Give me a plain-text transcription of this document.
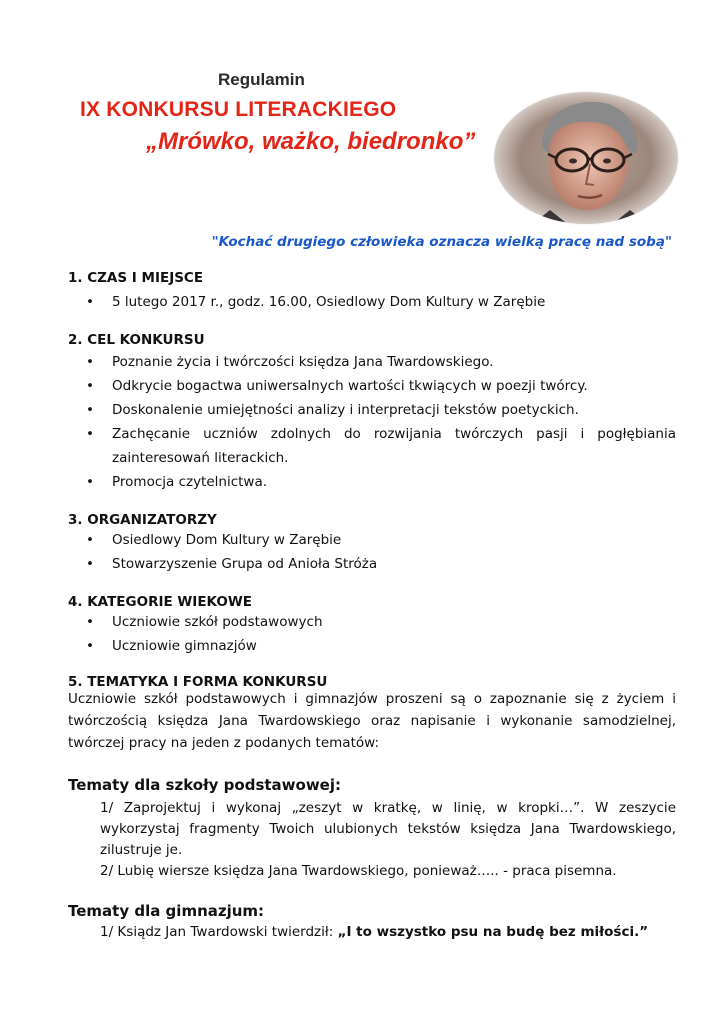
Regulamin
IX KONKURSU LITERACKIEGO
„Mrówko, ważko, biedronko”
"Kochać drugiego człowieka oznacza wielką pracę nad sobą"
1. CZAS I MIEJSCE
• 5 lutego 2017 r., godz. 16.00, Osiedlowy Dom Kultury w Zarębie
2. CEL KONKURSU
• Poznanie życia i twórczości księdza Jana Twardowskiego.
• Odkrycie bogactwa uniwersalnych wartości tkwiących w poezji twórcy.
• Doskonalenie umiejętności analizy i interpretacji tekstów poetyckich.
• Zachęcanie uczniów zdolnych do rozwijania twórczych pasji i pogłębiania zainteresowań literackich.
• Promocja czytelnictwa.
3. ORGANIZATORZY
• Osiedlowy Dom Kultury w Zarębie
• Stowarzyszenie Grupa od Anioła Stróża
4. KATEGORIE WIEKOWE
• Uczniowie szkół podstawowych
• Uczniowie gimnazjów
5. TEMATYKA I FORMA KONKURSU

Uczniowie szkół podstawowych i gimnazjów proszeni są o zapoznanie się z życiem i twórczością księdza Jana Twardowskiego oraz napisanie i wykonanie samodzielnej, twórczej pracy na jeden z podanych tematów:

Tematy dla szkoły podstawowej:

1/ Zaprojektuj i wykonaj „zeszyt w kratkę, w linię, w kropki…”. W zeszycie wykorzystaj fragmenty Twoich ulubionych tekstów księdza Jana Twardowskiego, zilustruje je.

2/ Lubię wiersze księdza Jana Twardowskiego, ponieważ….. - praca pisemna.

Tematy dla gimnazjum:

1/ Ksiądz Jan Twardowski twierdził: „I to wszystko psu na budę bez miłości.”
